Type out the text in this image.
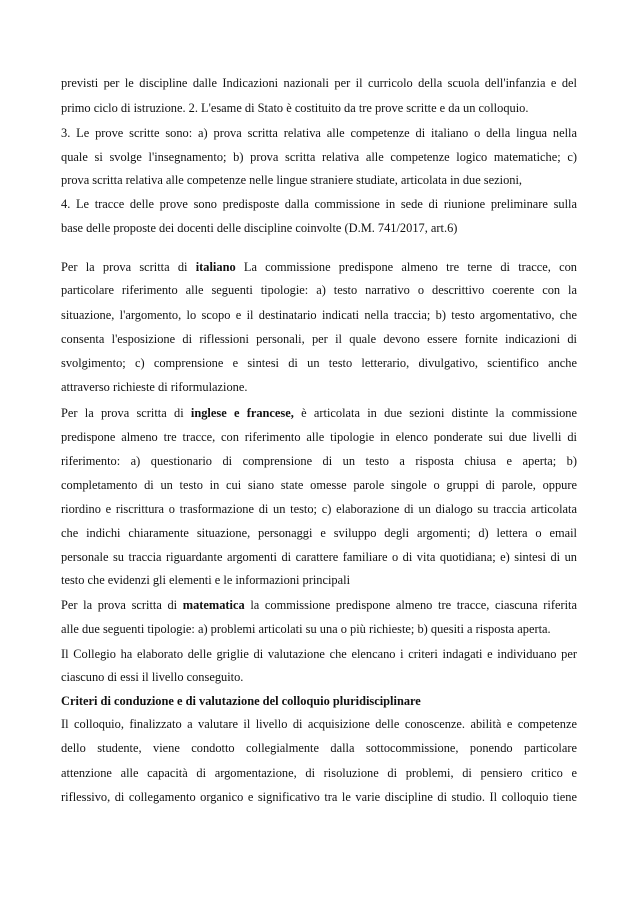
previsti per le discipline dalle Indicazioni nazionali per il curricolo della scuola dell'infanzia e del
primo ciclo di istruzione. 2. L'esame di Stato è costituito da tre prove scritte e da un colloquio.
3. Le prove scritte sono: a) prova scritta relativa alle competenze di italiano o della lingua nella
quale si svolge l'insegnamento; b) prova scritta relativa alle competenze logico matematiche; c)
prova scritta relativa alle competenze nelle lingue straniere studiate, articolata in due sezioni,
4. Le tracce delle prove sono predisposte dalla commissione in sede di riunione preliminare sulla
base delle proposte dei docenti delle discipline coinvolte (D.M. 741/2017, art.6)
Per la prova scritta di italiano La commissione predispone almeno tre terne di tracce, con
particolare riferimento alle seguenti tipologie: a) testo narrativo o descrittivo coerente con la
situazione, l'argomento, lo scopo e il destinatario indicati nella traccia; b) testo argomentativo, che
consenta l'esposizione di riflessioni personali, per il quale devono essere fornite indicazioni di
svolgimento; c) comprensione e sintesi di un testo letterario, divulgativo, scientifico anche
attraverso richieste di riformulazione.
Per la prova scritta di inglese e francese, è articolata in due sezioni distinte la commissione
predispone almeno tre tracce, con riferimento alle tipologie in elenco ponderate sui due livelli di
riferimento: a) questionario di comprensione di un testo a risposta chiusa e aperta; b)
completamento di un testo in cui siano state omesse parole singole o gruppi di parole, oppure
riordino e riscrittura o trasformazione di un testo; c) elaborazione di un dialogo su traccia articolata
che indichi chiaramente situazione, personaggi e sviluppo degli argomenti; d) lettera o email
personale su traccia riguardante argomenti di carattere familiare o di vita quotidiana; e) sintesi di un
testo che evidenzi gli elementi e le informazioni principali
Per la prova scritta di matematica la commissione predispone almeno tre tracce, ciascuna riferita
alle due seguenti tipologie: a) problemi articolati su una o più richieste; b) quesiti a risposta aperta.
Il Collegio ha elaborato delle griglie di valutazione che elencano i criteri indagati e individuano per
ciascuno di essi il livello conseguito.
Criteri di conduzione e di valutazione del colloquio pluridisciplinare
Il colloquio, finalizzato a valutare il livello di acquisizione delle conoscenze. abilità e competenze
dello studente, viene condotto collegialmente dalla sottocommissione, ponendo particolare
attenzione alle capacità di argomentazione, di risoluzione di problemi, di pensiero critico e
riflessivo, di collegamento organico e significativo tra le varie discipline di studio. Il colloquio tiene
